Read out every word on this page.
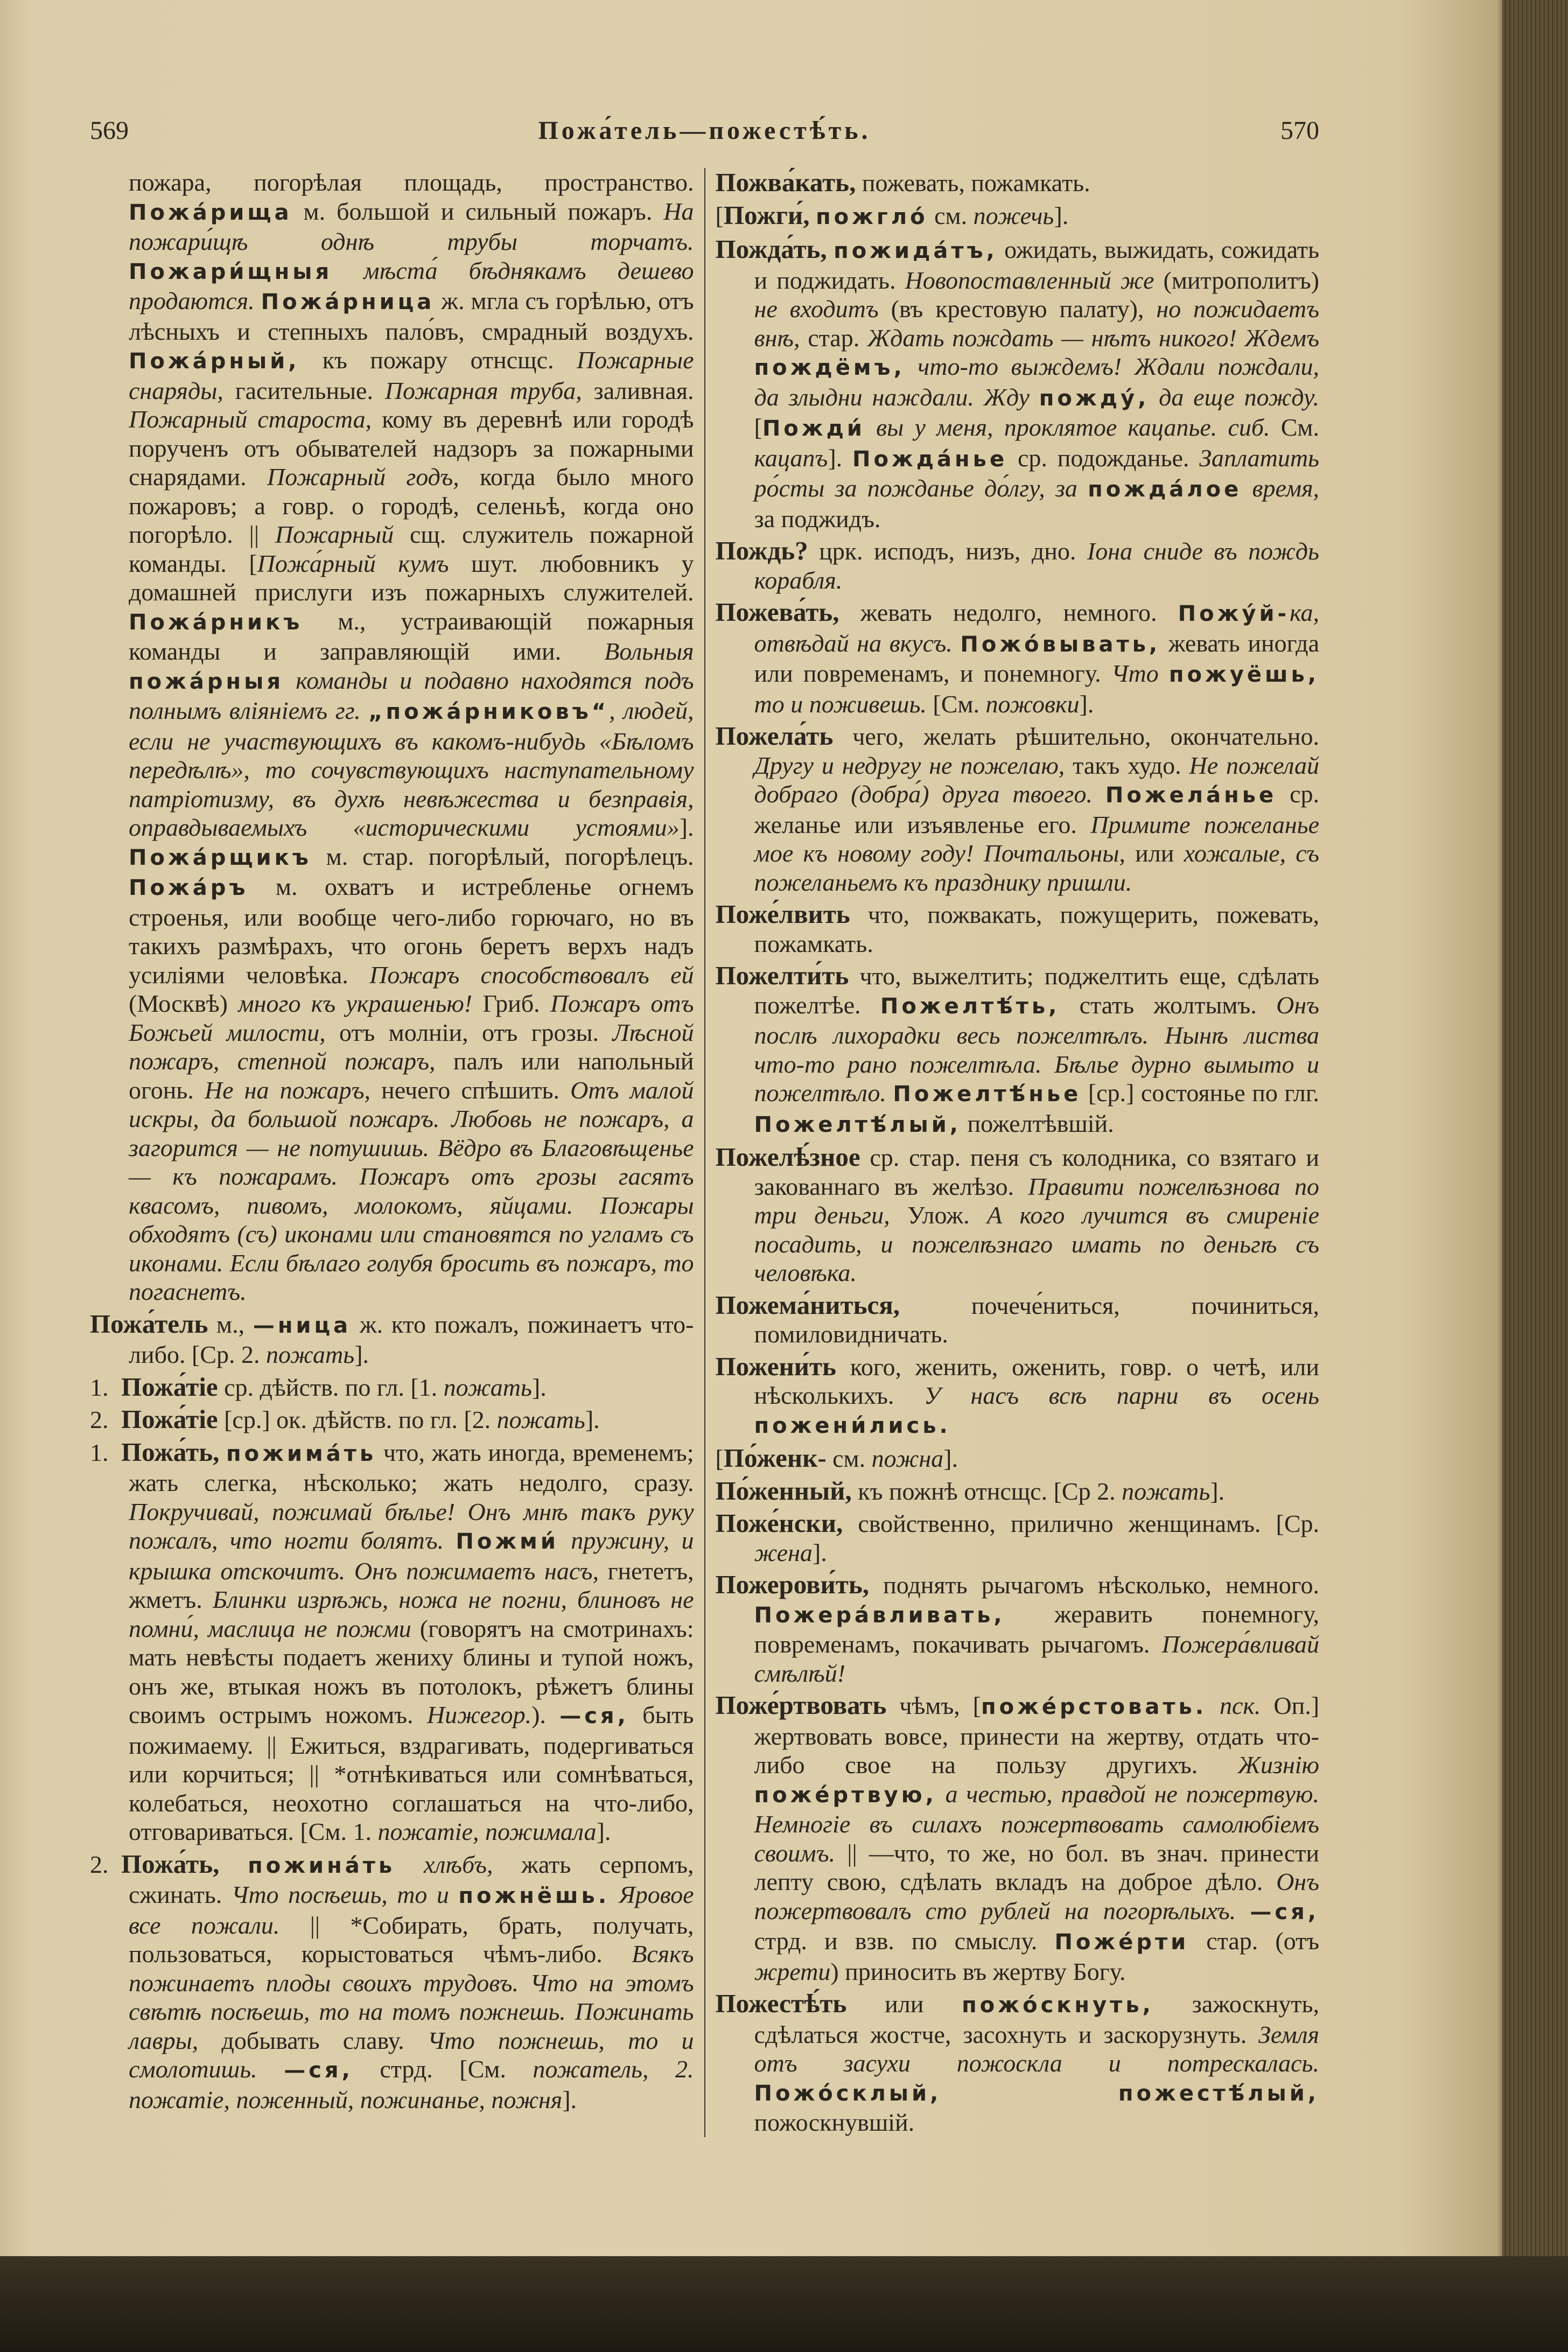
569	Пожа́тель—пожестѣ́ть.	570

пожара, погорѣлая площадь, пространство. Пожа́рища м. большой и сильный пожаръ. На пожари́щѣ однѣ трубы торчатъ. Пожари́щныя мѣста́ бѣднякамъ дешево продаются. Пожа́рница ж. мгла съ горѣлью, отъ лѣсныхъ и степныхъ пало́въ, смрадный воздухъ. Пожа́рный, къ пожару отнсщс. Пожарные снаряды, гасительные. Пожарная труба, заливная. Пожарный староста, кому въ деревнѣ или городѣ порученъ отъ обывателей надзоръ за пожарными снарядами. Пожарный годъ, когда было много пожаровъ; а говр. о городѣ, селеньѣ, когда оно погорѣло. || Пожарный сщ. служитель пожарной команды. [Пожа́рный кумъ шут. любовникъ у домашней прислуги изъ пожарныхъ служителей. Пожа́рникъ м., устраивающій пожарныя команды и заправляющій ими. Вольныя пожа́рныя команды и подавно находятся подъ полнымъ вліяніемъ гг. „пожа́рниковъ“, людей, если не участвующихъ въ какомъ-нибудь «Бѣломъ передѣлѣ», то сочувствующихъ наступательному патріотизму, въ духѣ невѣжества и безправія, оправдываемыхъ «историческими устоями»]. Пожа́рщикъ м. стар. погорѣлый, погорѣлецъ. Пожа́ръ м. охватъ и истребленье огнемъ строенья, или вообще чего-либо горючаго, но въ такихъ размѣрахъ, что огонь беретъ верхъ надъ усиліями человѣка. Пожаръ способствовалъ ей (Москвѣ) много къ украшенью! Гриб. Пожаръ отъ Божьей милости, отъ молніи, отъ грозы. Лѣсной пожаръ, степной пожаръ, палъ или напольный огонь. Не на пожаръ, нечего спѣшить. Отъ малой искры, да большой пожаръ. Любовь не пожаръ, а загорится — не потушишь. Вёдро въ Благовѣщенье — къ пожарамъ. Пожаръ отъ грозы гасятъ квасомъ, пивомъ, молокомъ, яйцами. Пожары обходятъ (съ) иконами или становятся по угламъ съ иконами. Если бѣлаго голубя бросить въ пожаръ, то погаснетъ.

Пожа́тель м., —ница ж. кто пожалъ, пожинаетъ что-либо. [Ср. 2. пожать].

1. Пожа́тіе ср. дѣйств. по гл. [1. пожать].

2. Пожа́тіе [ср.] ок. дѣйств. по гл. [2. пожать].

1. Пожа́ть, пожима́ть что, жать иногда, временемъ; жать слегка, нѣсколько; жать недолго, сразу. Покручивай, пожимай бѣлье! Онъ мнѣ такъ руку пожалъ, что ногти болятъ. Пожми́ пружину, и крышка отскочитъ. Онъ пожимаетъ насъ, гнететъ, жметъ. Блинки изрѣжь, ножа не погни, блиновъ не помни́, маслица не пожми (говорятъ на смотринахъ: мать невѣсты подаетъ жениху блины и тупой ножъ, онъ же, втыкая ножъ въ потолокъ, рѣжетъ блины своимъ острымъ ножомъ. Нижегор.). —ся, быть пожимаему. || Ежиться, вздрагивать, подергиваться или корчиться; || *отнѣкиваться или сомнѣваться, колебаться, неохотно соглашаться на что-либо, отговариваться. [См. 1. пожатіе, пожимала].

2. Пожа́ть, пожина́ть хлѣбъ, жать серпомъ, сжинать. Что посѣешь, то и пожнёшь. Яровое все пожали. || *Собирать, брать, получать, пользоваться, корыстоваться чѣмъ-либо. Всякъ пожинаетъ плоды своихъ трудовъ. Что на этомъ свѣтѣ посѣешь, то на томъ пожнешь. Пожинать лавры, добывать славу. Что пожнешь, то и смолотишь. —ся, стрд. [См. пожатель, 2. пожатіе, поженный, пожинанье, пожня].

Пожва́кать, пожевать, пожамкать.

[Пожги́, пожгло́ см. пожечь].

Пожда́ть, пожида́тъ, ожидать, выжидать, сожидать и поджидать. Новопоставленный же (митрополитъ) не входитъ (въ крестовую палату), но пожидаетъ внѣ, стар. Ждать пождать — нѣтъ никого! Ждемъ пождёмъ, что-то выждемъ! Ждали пождали, да злыдни наждали. Жду пожду́, да еще пожду. [Пожди́ вы у меня, проклятое кацапье. сиб. См. кацапъ]. Пожда́нье ср. подожданье. Заплатить ро́сты за пожданье до́лгу, за пожда́лое время, за поджидъ.

Пождь? црк. исподъ, низъ, дно. Іона сниде въ пождь корабля.

Пожева́ть, жевать недолго, немного. Пожу́й-ка, отвѣдай на вкусъ. Пожо́вывать, жевать иногда или повременамъ, и понемногу. Что пожуёшь, то и поживешь. [См. пожовки].

Пожела́ть чего, желать рѣшительно, окончательно. Другу и недругу не пожелаю, такъ худо. Не пожелай добраго (добра́) друга твоего. Пожела́нье ср. желанье или изъявленье его. Примите пожеланье мое къ новому году! Почтальоны, или хожалые, съ пожеланьемъ къ празднику пришли.

Поже́лвить что, пожвакать, пожущерить, пожевать, пожамкать.

Пожелти́ть что, выжелтить; поджелтить еще, сдѣлать пожелтѣе. Пожелтѣ́ть, стать жолтымъ. Онъ послѣ лихорадки весь пожелтѣлъ. Нынѣ листва что-то рано пожелтѣла. Бѣлье дурно вымыто и пожелтѣло. Пожелтѣ́нье [ср.] состоянье по глг. Пожелтѣ́лый, пожелтѣвшій.

Пожелѣ́зное ср. стар. пеня съ колодника, со взятаго и закованнаго въ желѣзо. Правити пожелѣзнова по три деньги, Улож. А кого лучится въ смиреніе посадить, и пожелѣзнаго имать по деньгѣ съ человѣка.

Пожема́ниться, почече́ниться, починиться, помиловидничать.

Пожени́ть кого, женить, оженить, говр. о четѣ, или нѣсколькихъ. У насъ всѣ парни въ осень пожени́лись.

[По́женк- см. пожна].

По́женный, къ пожнѣ отнсщс. [Ср 2. пожать].

Поже́нски, свойственно, прилично женщинамъ. [Ср. жена].

Пожерови́ть, поднять рычагомъ нѣсколько, немного. Пожера́вливать, жеравить понемногу, повременамъ, покачивать рычагомъ. Пожера́вливай смѣлѣй!

Поже́ртвовать чѣмъ, [поже́рстовать. пск. Оп.] жертвовать вовсе, принести на жертву, отдать что-либо свое на пользу другихъ. Жизнію поже́ртвую, а честью, правдой не пожертвую. Немногіе въ силахъ пожертвовать самолюбіемъ своимъ. || —что, то же, но бол. въ знач. принести лепту свою, сдѣлать вкладъ на доброе дѣло. Онъ пожертвовалъ сто рублей на погорѣлыхъ. —ся, стрд. и взв. по смыслу. Поже́рти стар. (отъ жрети) приносить въ жертву Богу.

Пожестѣ́ть или пожо́скнуть, зажоскнуть, сдѣлаться жостче, засохнуть и заскорузнуть. Земля отъ засухи пожоскла и потрескалась. Пожо́склый, пожестѣ́лый, пожоскнувшій.
